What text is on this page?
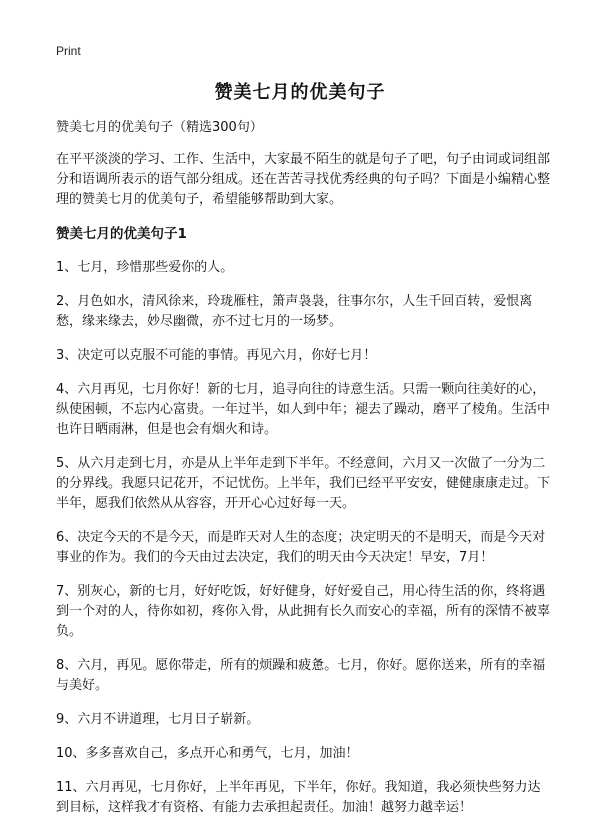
Print
赞美七月的优美句子

赞美七月的优美句子（精选300句）

在平平淡淡的学习、工作、生活中，大家最不陌生的就是句子了吧，句子由词或词组部分和语调所表示的语气部分组成。还在苦苦寻找优秀经典的句子吗？下面是小编精心整理的赞美七月的优美句子，希望能够帮助到大家。

赞美七月的优美句子1

1、七月，珍惜那些爱你的人。

2、月色如水，清风徐来，玲珑雁柱，箫声袅袅，往事尔尔，人生千回百转，爱恨离愁，缘来缘去，妙尽幽微，亦不过七月的一场梦。

3、决定可以克服不可能的事情。再见六月，你好七月！

4、六月再见，七月你好！新的七月，追寻向往的诗意生活。只需一颗向往美好的心，纵使困顿，不忘内心富贵。一年过半，如人到中年；褪去了躁动，磨平了棱角。生活中也许日晒雨淋，但是也会有烟火和诗。

5、从六月走到七月，亦是从上半年走到下半年。不经意间，六月又一次做了一分为二的分界线。我愿只记花开，不记忧伤。上半年，我们已经平平安安，健健康康走过。下半年，愿我们依然从从容容，开开心心过好每一天。

6、决定今天的不是今天，而是昨天对人生的态度；决定明天的不是明天，而是今天对事业的作为。我们的今天由过去决定，我们的明天由今天决定！早安，7月！

7、别灰心，新的七月，好好吃饭，好好健身，好好爱自己，用心待生活的你，终将遇到一个对的人，待你如初，疼你入骨，从此拥有长久而安心的幸福，所有的深情不被辜负。

8、六月，再见。愿你带走，所有的烦躁和疲惫。七月，你好。愿你送来，所有的幸福与美好。

9、六月不讲道理，七月日子崭新。

10、多多喜欢自己，多点开心和勇气，七月，加油！

11、六月再见，七月你好，上半年再见，下半年，你好。我知道，我必须快些努力达到目标，这样我才有资格、有能力去承担起责任。加油！越努力越幸运！
